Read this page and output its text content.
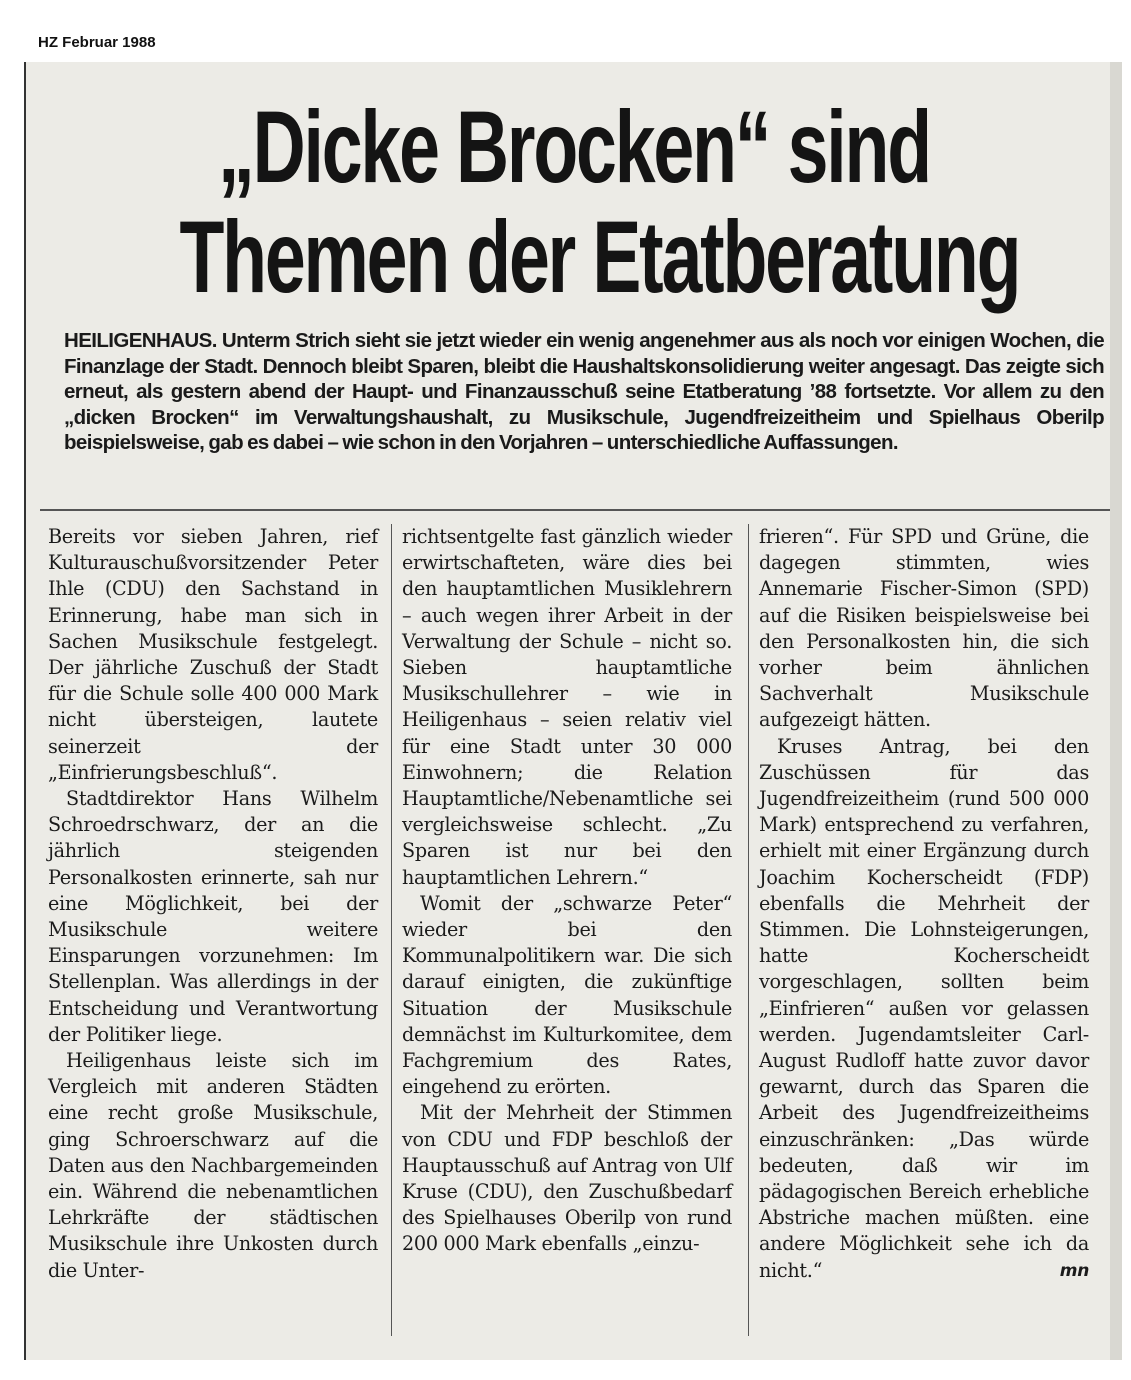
HZ Februar 1988
„Dicke Brocken“ sind
Themen der Etatberatung
HEILIGENHAUS. Unterm Strich sieht sie jetzt wieder ein wenig angenehmer aus als noch vor einigen Wochen, die Finanzlage der Stadt. Dennoch bleibt Sparen, bleibt die Haushaltskonsolidierung weiter angesagt. Das zeigte sich erneut, als gestern abend der Haupt- und Finanzausschuß seine Etatberatung ’88 fortsetzte. Vor allem zu den „dicken Brocken“ im Verwaltungshaushalt, zu Musikschule, Jugendfreizeitheim und Spielhaus Oberilp beispielsweise, gab es dabei – wie schon in den Vorjahren – unterschiedliche Auffassungen.

Bereits vor sieben Jahren, rief Kulturauschußvorsitzender Peter Ihle (CDU) den Sachstand in Erinnerung, habe man sich in Sachen Musikschule festgelegt. Der jährliche Zuschuß der Stadt für die Schule solle 400 000 Mark nicht übersteigen, lautete seinerzeit der „Einfrierungsbeschluß“.

Stadtdirektor Hans Wilhelm Schroedrschwarz, der an die jährlich steigenden Personalkosten erinnerte, sah nur eine Möglichkeit, bei der Musikschule weitere Einsparungen vorzunehmen: Im Stellenplan. Was allerdings in der Entscheidung und Verantwortung der Politiker liege.

Heiligenhaus leiste sich im Vergleich mit anderen Städten eine recht große Musikschule, ging Schroerschwarz auf die Daten aus den Nachbargemeinden ein. Während die nebenamtlichen Lehrkräfte der städtischen Musikschule ihre Unkosten durch die Unter-

richtsentgelte fast gänzlich wieder erwirtschafteten, wäre dies bei den hauptamtlichen Musiklehrern – auch wegen ihrer Arbeit in der Verwaltung der Schule – nicht so. Sieben hauptamtliche Musikschullehrer – wie in Heiligenhaus – seien relativ viel für eine Stadt unter 30 000 Einwohnern; die Relation Hauptamtliche/Nebenamtliche sei vergleichsweise schlecht. „Zu Sparen ist nur bei den hauptamtlichen Lehrern.“

Womit der „schwarze Peter“ wieder bei den Kommunalpolitikern war. Die sich darauf einigten, die zukünftige Situation der Musikschule demnächst im Kulturkomitee, dem Fachgremium des Rates, eingehend zu erörten.

Mit der Mehrheit der Stimmen von CDU und FDP beschloß der Hauptausschuß auf Antrag von Ulf Kruse (CDU), den Zuschußbedarf des Spielhauses Oberilp von rund 200 000 Mark ebenfalls „einzu-

frieren“. Für SPD und Grüne, die dagegen stimmten, wies Annemarie Fischer-Simon (SPD) auf die Risiken beispielsweise bei den Personalkosten hin, die sich vorher beim ähnlichen Sachverhalt Musikschule aufgezeigt hätten.

Kruses Antrag, bei den Zuschüssen für das Jugendfreizeitheim (rund 500 000 Mark) entsprechend zu verfahren, erhielt mit einer Ergänzung durch Joachim Kocherscheidt (FDP) ebenfalls die Mehrheit der Stimmen. Die Lohnsteigerungen, hatte Kocherscheidt vorgeschlagen, sollten beim „Einfrieren“ außen vor gelassen werden. Jugendamtsleiter Carl-August Rudloff hatte zuvor davor gewarnt, durch das Sparen die Arbeit des Jugendfreizeitheims einzuschränken: „Das würde bedeuten, daß wir im pädagogischen Bereich erhebliche Abstriche machen müßten. eine andere Möglichkeit sehe ich da nicht.“	mn
